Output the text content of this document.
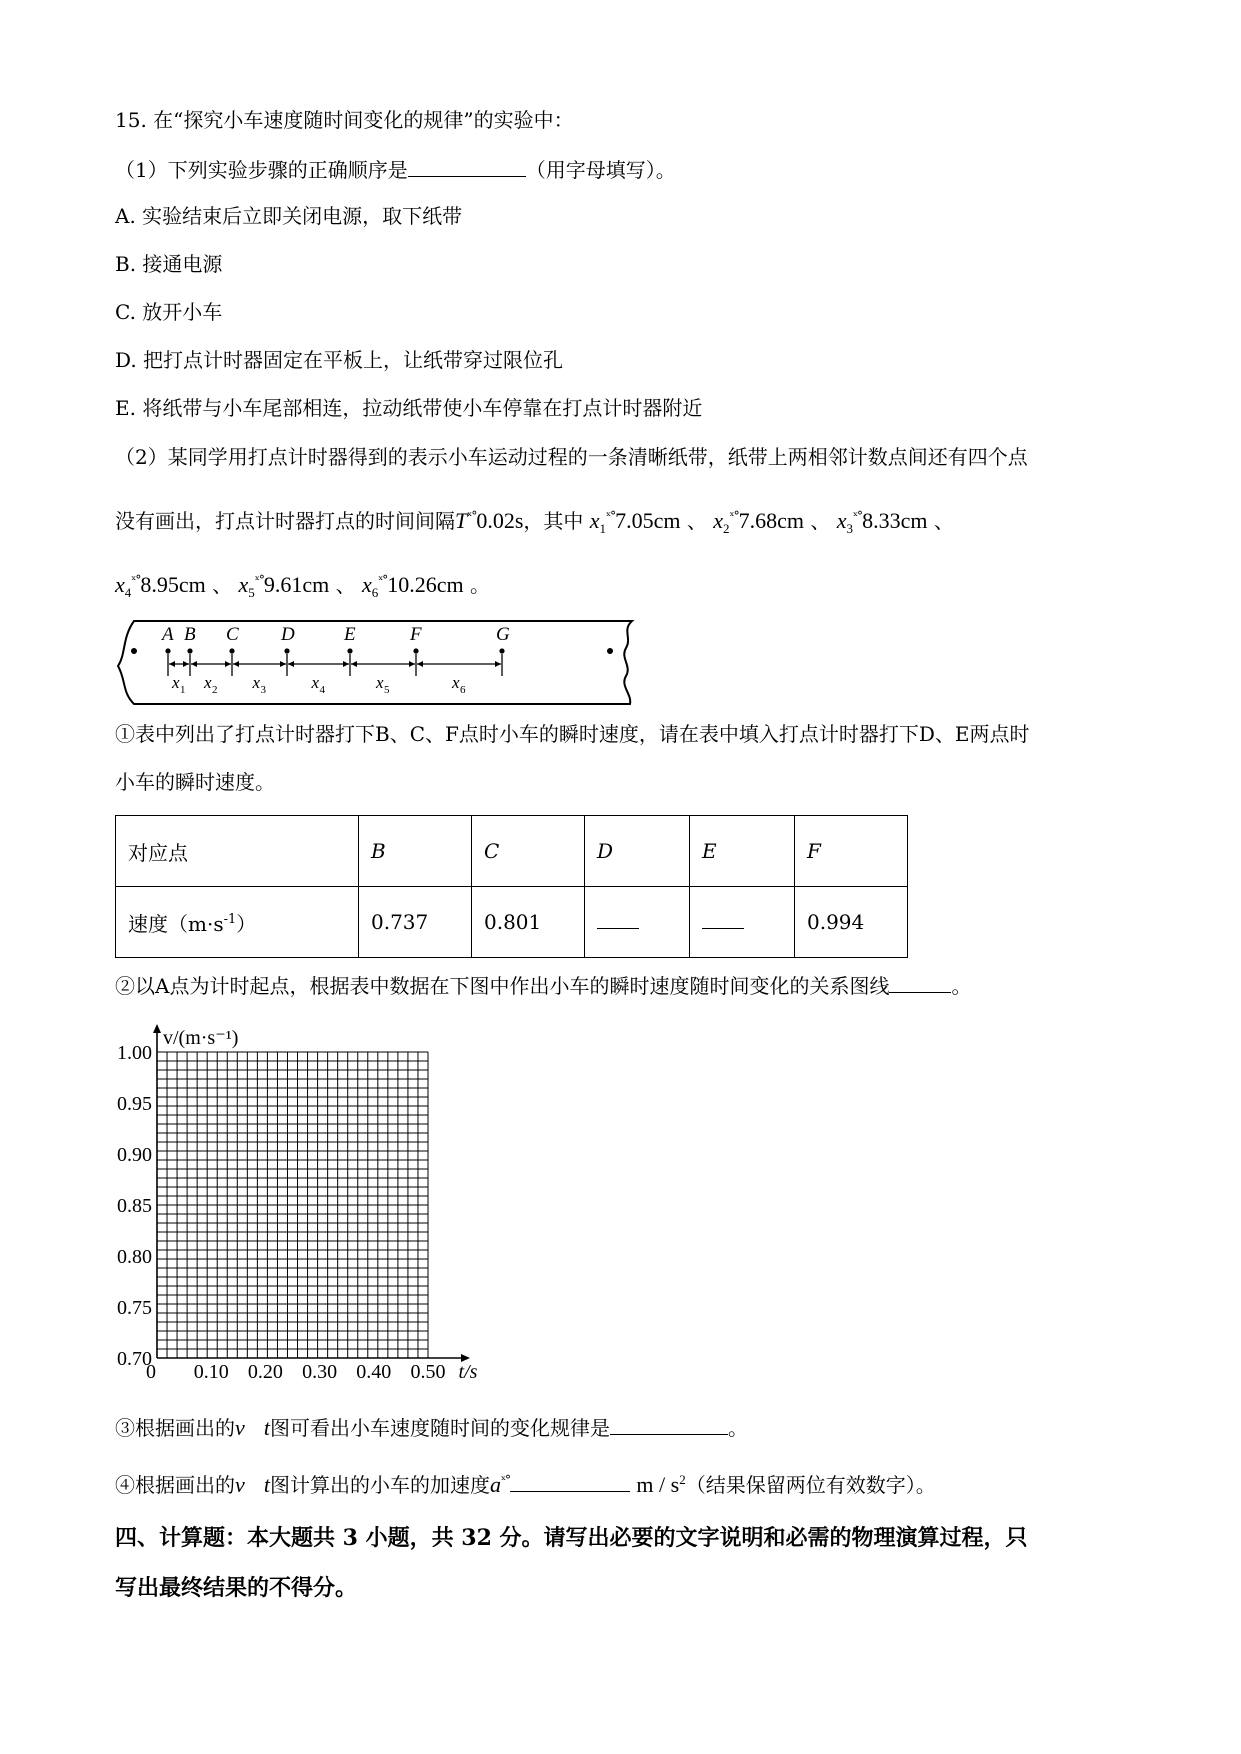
15. 在“探究小车速度随时间变化的规律”的实验中：
（1）下列实验步骤的正确顺序是	（用字母填写）。
A. 实验结束后立即关闭电源，取下纸带
B. 接通电源
C. 放开小车
D. 把打点计时器固定在平板上，让纸带穿过限位孔
E. 将纸带与小车尾部相连，拉动纸带使小车停靠在打点计时器附近
（2）某同学用打点计时器得到的表示小车运动过程的一条清晰纸带，纸带上两相邻计数点间还有四个点
没有画出，打点计时器打点的时间间隔$T^{ˣ^\circ}0.02s$，其中 $x_1^{ˣ^\circ}7.05cm$ 、 $x_2^{ˣ^\circ}7.68cm$ 、 $x_3^{ˣ^\circ}8.33cm$ 、
$x_4^{ˣ^\circ}8.95cm$ 、 $x_5^{ˣ^\circ}9.61cm$ 、 $x_6^{ˣ^\circ}10.26cm$ 。
A B C D	E	F	G
x 1 x 2 x 3	x 4	x 5	x 6
①表中列出了打点计时器打下B、C、F点时小车的瞬时速度，请在表中填入打点计时器打下D、E两点时
小车的瞬时速度。
对应点	B	C	D	E	F
速度$(m\cdot s^{-1})$	0.737	0.801			0.994
②以A点为计时起点，根据表中数据在下图中作出小车的瞬时速度随时间变化的关系图线	。
0.70
0.75
0.80
0.85
0.90
0.95
1.00
0 0.10 0.20 0.30 0.40 0.50 t/s
v/(m·s⁻¹)
③根据画出的v t图可看出小车速度随时间的变化规律是	。
④根据画出的v t图计算出的小车的加速度$a^{ˣ^\circ}$	m / $s^2$（结果保留两位有效数字）。
四、计算题：本大题共 3 小题，共 32 分。请写出必要的文字说明和必需的物理演算过程，只
写出最终结果的不得分。
